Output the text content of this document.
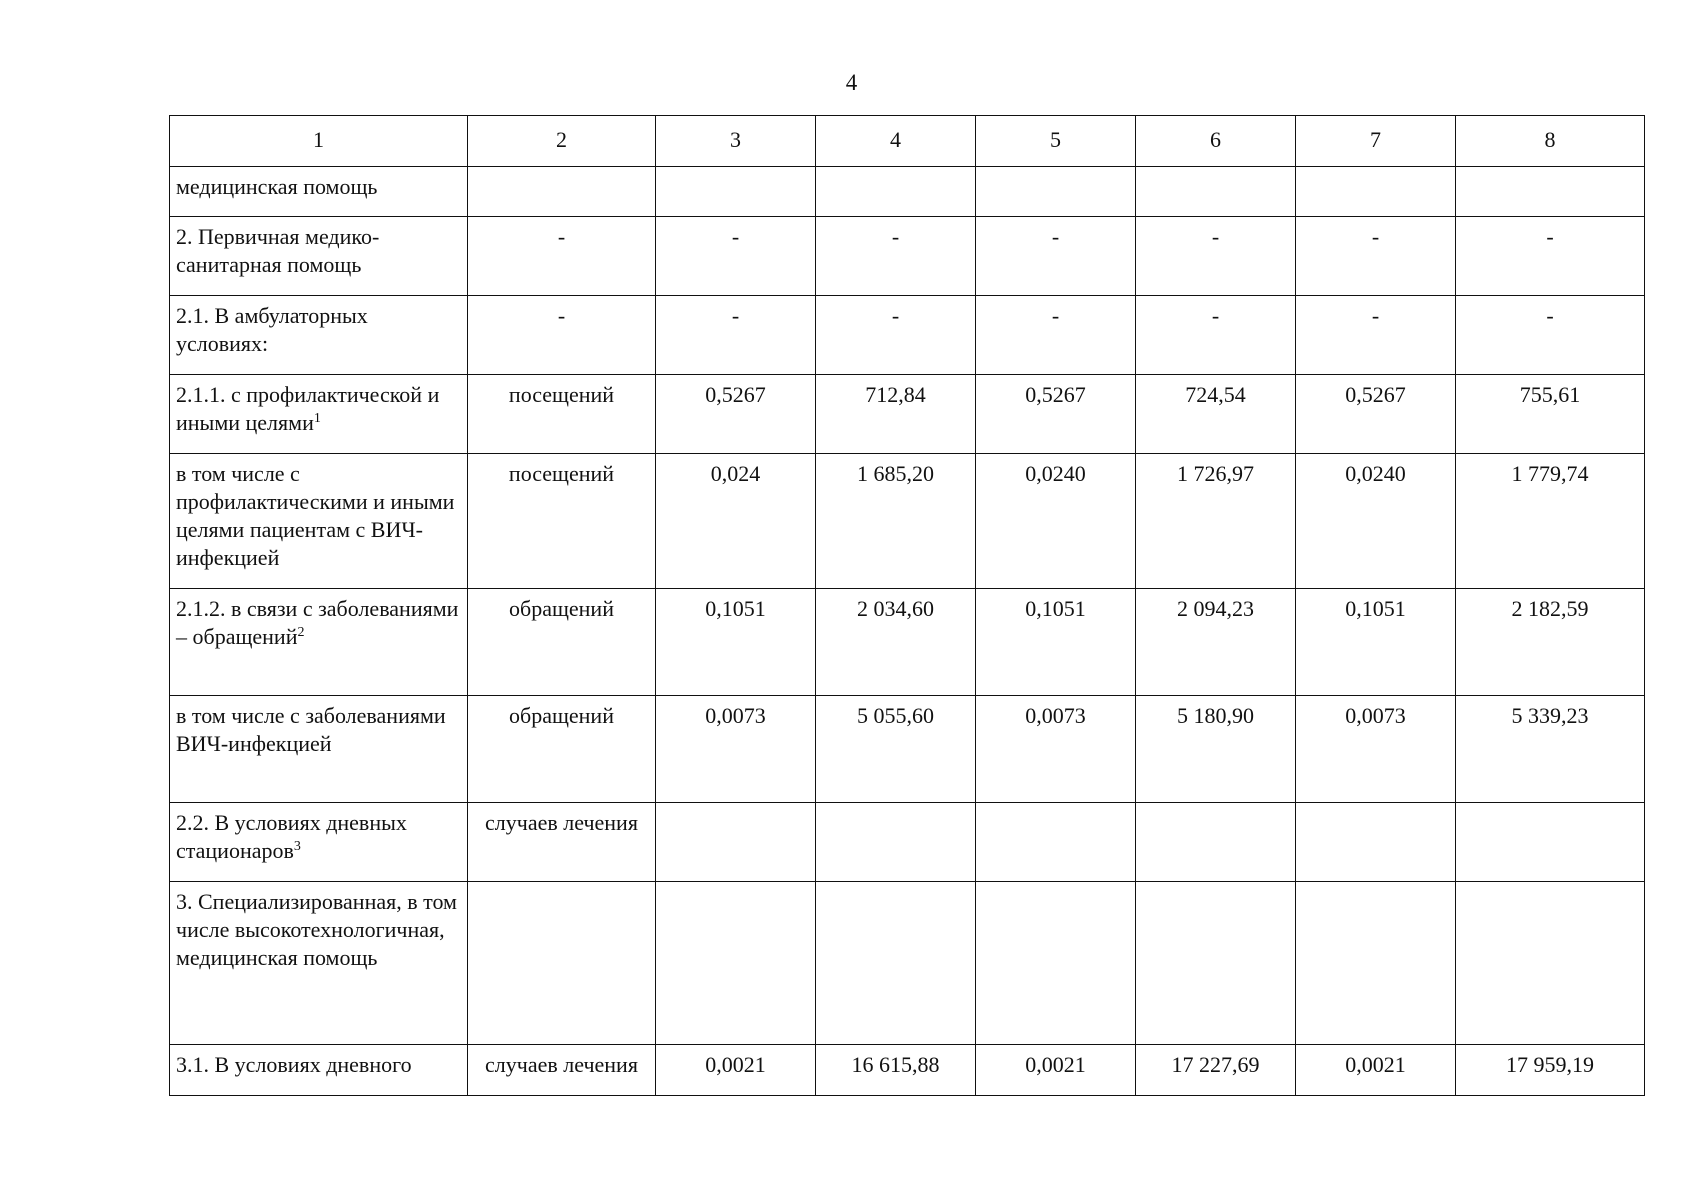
4
1	2	3	4	5	6	7	8
медицинская помощь							
2. Первичная медико-санитарная помощь	-	-	-	-	-	-	-
2.1. В амбулаторных условиях:	-	-	-	-	-	-	-
2.1.1. с профилактической и иными целями$^1$	посещений	0,5267	712,84	0,5267	724,54	0,5267	755,61
в том числе с профилактическими и иными целями пациентам с ВИЧ-инфекцией	посещений	0,024	1 685,20	0,0240	1 726,97	0,0240	1 779,74
2.1.2. в связи с заболеваниями – обращений$^2$	обращений	0,1051	2 034,60	0,1051	2 094,23	0,1051	2 182,59
в том числе с заболеваниями ВИЧ-инфекцией	обращений	0,0073	5 055,60	0,0073	5 180,90	0,0073	5 339,23
2.2. В условиях дневных стационаров$^3$	случаев лечения						
3. Специализированная, в том числе высокотехнологичная, медицинская помощь							
3.1. В условиях дневного	случаев лечения	0,0021	16 615,88	0,0021	17 227,69	0,0021	17 959,19
